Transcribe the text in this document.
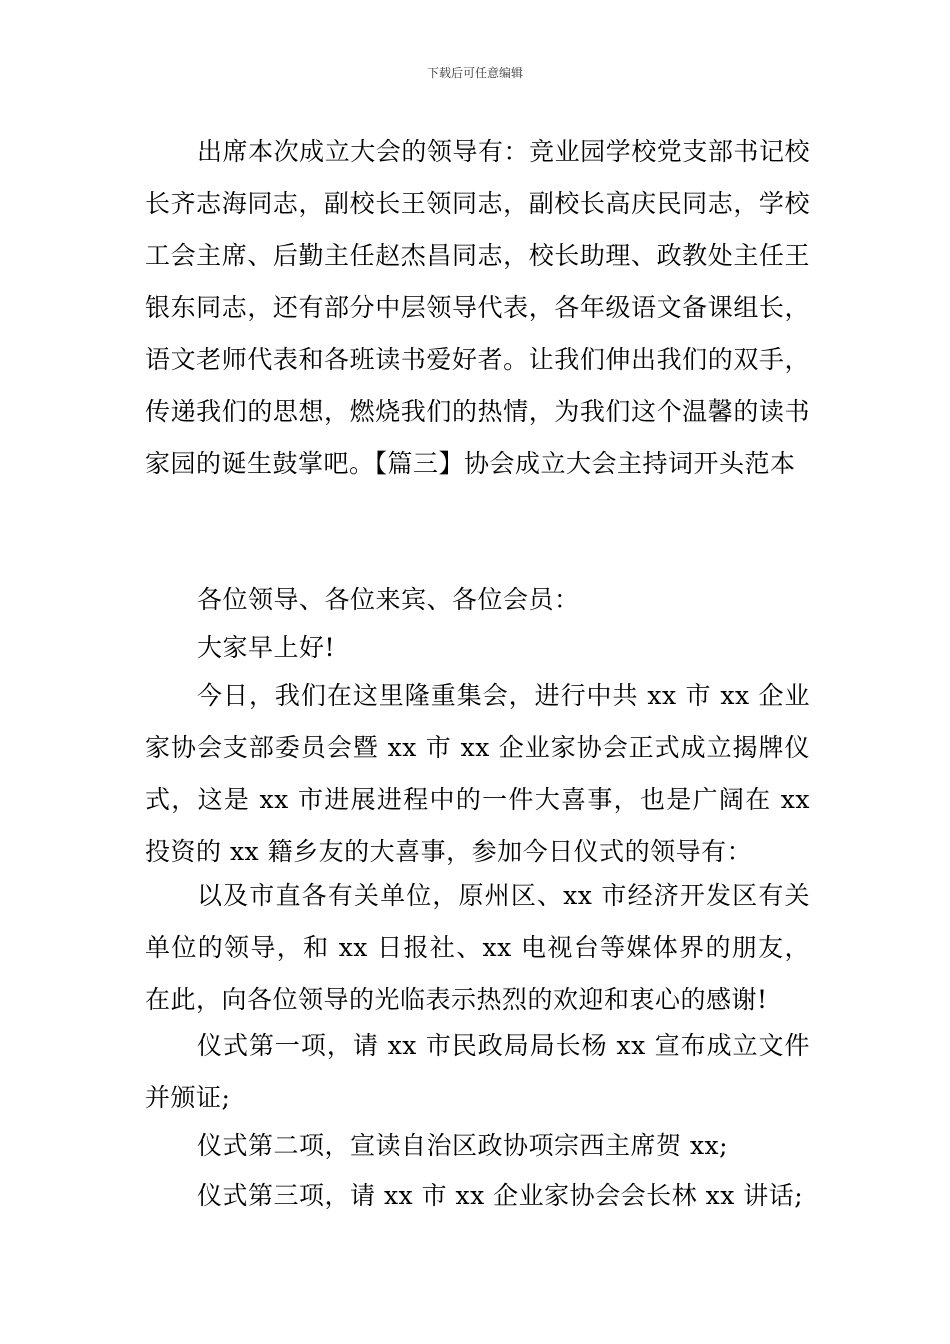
下载后可任意编辑

出席本次成立大会的领导有：竞业园学校党支部书记校长齐志海同志，副校长王领同志，副校长高庆民同志，学校工会主席、后勤主任赵杰昌同志，校长助理、政教处主任王银东同志，还有部分中层领导代表，各年级语文备课组长，语文老师代表和各班读书爱好者。让我们伸出我们的双手，传递我们的思想，燃烧我们的热情，为我们这个温馨的读书家园的诞生鼓掌吧。【篇三】协会成立大会主持词开头范本

各位领导、各位来宾、各位会员：

大家早上好!

今日，我们在这里隆重集会，进行中共 xx 市 xx 企业家协会支部委员会暨 xx 市 xx 企业家协会正式成立揭牌仪式，这是 xx 市进展进程中的一件大喜事，也是广阔在 xx 投资的 xx 籍乡友的大喜事，参加今日仪式的领导有：

以及市直各有关单位，原州区、xx 市经济开发区有关单位的领导，和 xx 日报社、xx 电视台等媒体界的朋友，在此，向各位领导的光临表示热烈的欢迎和衷心的感谢!

仪式第一项，请 xx 市民政局局长杨 xx 宣布成立文件并颁证;

仪式第二项，宣读自治区政协项宗西主席贺 xx;

仪式第三项，请 xx 市 xx 企业家协会会长林 xx 讲话;
